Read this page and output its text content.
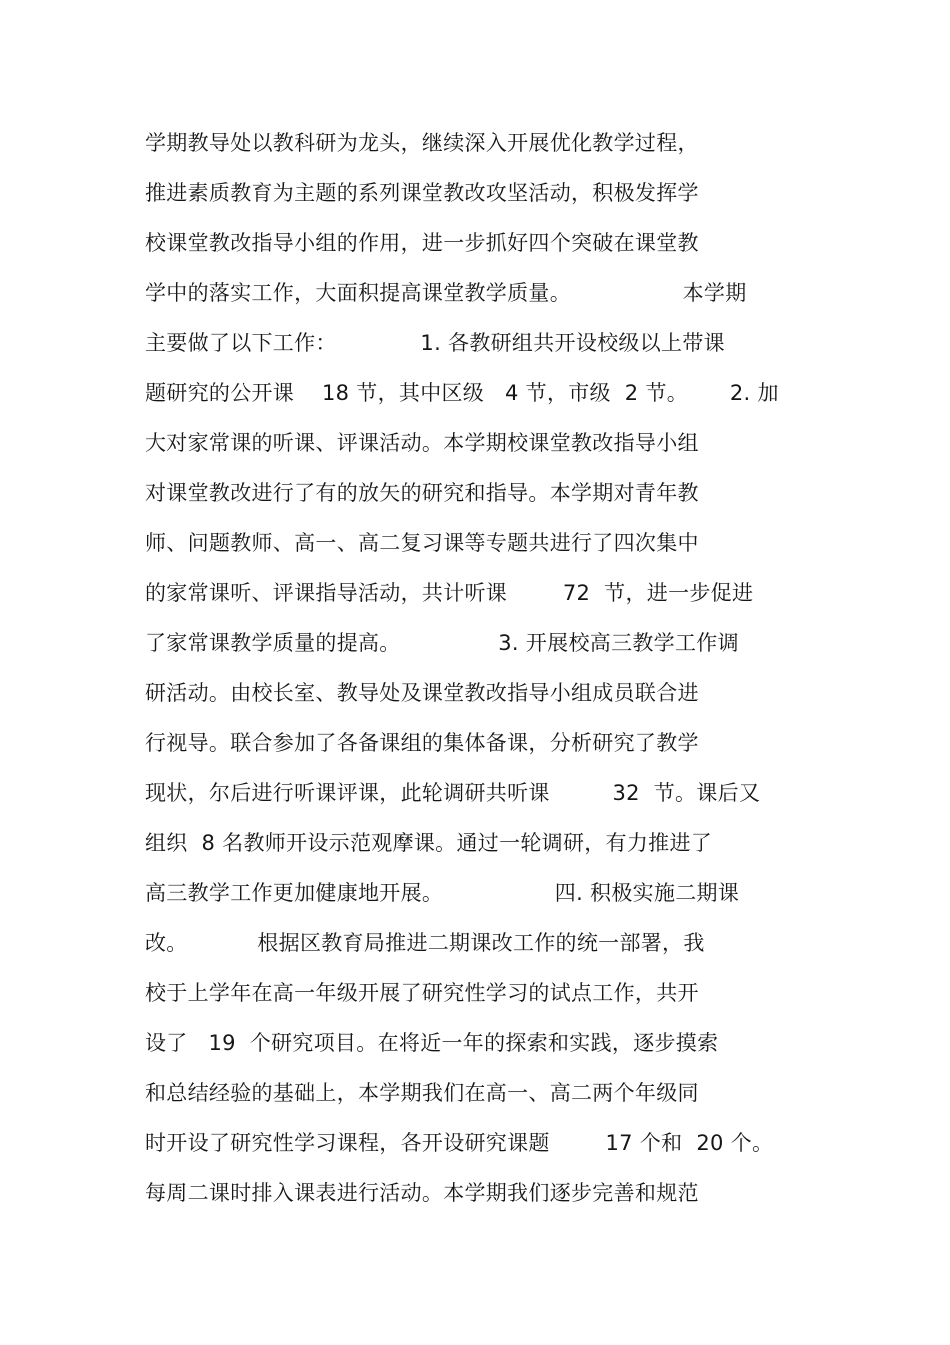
学期教导处以教科研为龙头，继续深入开展优化教学过程，
推进素质教育为主题的系列课堂教改攻坚活动，积极发挥学
校课堂教改指导小组的作用，进一步抓好四个突破在课堂教
学中的落实工作，大面积提高课堂教学质量。                本学期
主要做了以下工作：            1. 各教研组共开设校级以上带课
题研究的公开课    18 节，其中区级   4 节，市级  2 节。      2. 加
大对家常课的听课、评课活动。本学期校课堂教改指导小组
对课堂教改进行了有的放矢的研究和指导。本学期对青年教
师、问题教师、高一、高二复习课等专题共进行了四次集中
的家常课听、评课指导活动，共计听课        72  节，进一步促进
了家常课教学质量的提高。              3. 开展校高三教学工作调
研活动。由校长室、教导处及课堂教改指导小组成员联合进
行视导。联合参加了各备课组的集体备课，分析研究了教学
现状，尔后进行听课评课，此轮调研共听课         32  节。课后又
组织  8 名教师开设示范观摩课。通过一轮调研，有力推进了
高三教学工作更加健康地开展。                四. 积极实施二期课
改。          根据区教育局推进二期课改工作的统一部署，我
校于上学年在高一年级开展了研究性学习的试点工作，共开
设了   19  个研究项目。在将近一年的探索和实践，逐步摸索
和总结经验的基础上，本学期我们在高一、高二两个年级同
时开设了研究性学习课程，各开设研究课题        17 个和  20 个。
每周二课时排入课表进行活动。本学期我们逐步完善和规范
